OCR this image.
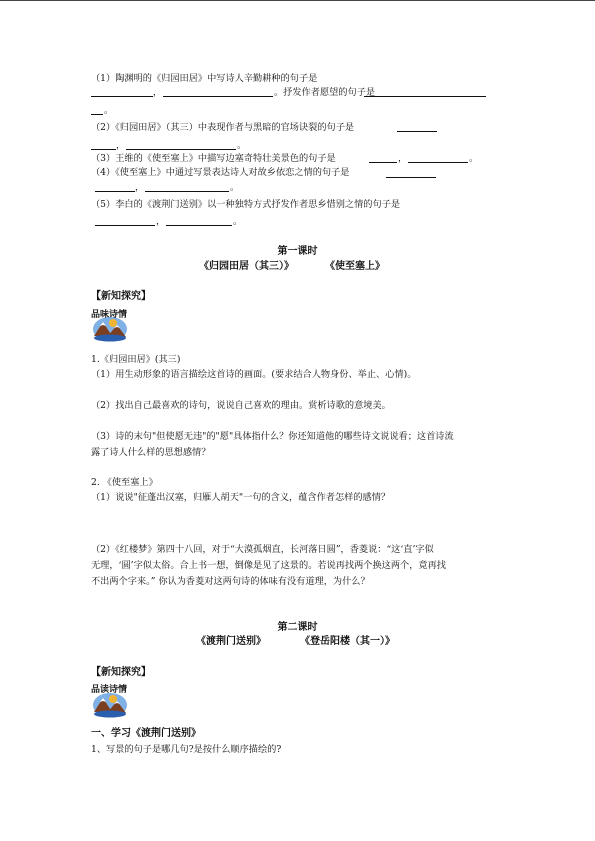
（1）陶渊明的《归园田居》中写诗人辛勤耕种的句子是
，	。抒发作者愿望的句子是
。
（2）《归园田居》（其三）中表现作者与黑暗的官场诀裂的句子是
，	。
（3）王维的《使至塞上》中描写边塞奇特壮美景色的句子是	，	。
（4）《使至塞上》中通过写景表达诗人对故乡依恋之情的句子是
，	。
（5）李白的《渡荆门送别》以一种独特方式抒发作者思乡惜别之情的句子是
，	。
第一课时
《归园田居（其三）》	《使至塞上》
【新知探究】
品味诗情
1.《归园田居》(其三)
（1）用生动形象的语言描绘这首诗的画面。(要求结合人物身份、举止、心情)。
（2）找出自己最喜欢的诗句，说说自己喜欢的理由。赏析诗歌的意境美。
（3）诗的末句"但使愿无违"的"愿"具体指什么？你还知道他的哪些诗文说说看；这首诗流
露了诗人什么样的思想感情？
2. 《使至塞上》
（1）说说"征蓬出汉塞，归雁人胡天"一句的含义，蕴含作者怎样的感情？
（2）《红楼梦》第四十八回，对于“大漠孤烟直，长河落日圆”，香菱说：“这‘直’字似
无理，‘圆’字似太俗。合上书一想，倒像是见了这景的。若说再找两个换这两个，竟再找
不出两个字来。” 你认为香菱对这两句诗的体味有没有道理，为什么？
第二课时
《渡荆门送别》	《登岳阳楼（其一）》
【新知探究】
品读诗情
一、学习《渡荆门送别》
1、写景的句子是哪几句?是按什么顺序描绘的?
